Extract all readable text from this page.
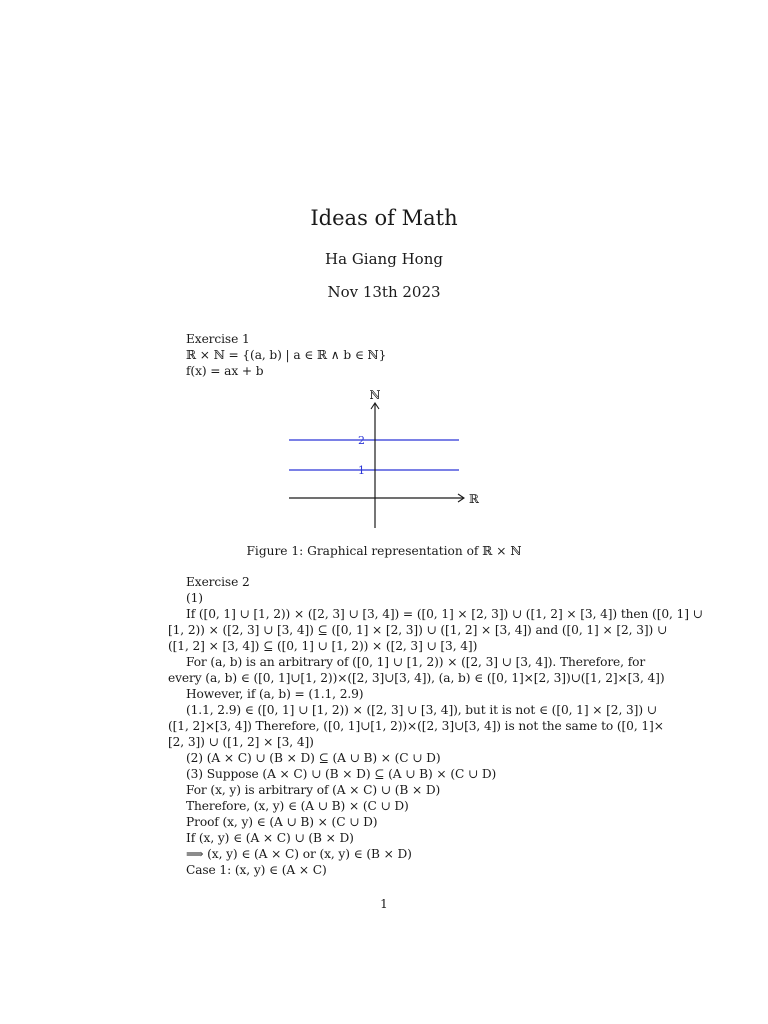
Ideas of Math
Ha Giang Hong
Nov 13th 2023
Exercise 1
ℝ × ℕ = {(a, b) | a ∈ ℝ ∧ b ∈ ℕ}
f(x) = ax + b
ℕ
ℝ
2
1
Figure 1: Graphical representation of ℝ × ℕ
Exercise 2
(1)
If ([0, 1] ∪ [1, 2)) × ([2, 3] ∪ [3, 4]) = ([0, 1] × [2, 3]) ∪ ([1, 2] × [3, 4]) then ([0, 1] ∪
[1, 2)) × ([2, 3] ∪ [3, 4]) ⊆ ([0, 1] × [2, 3]) ∪ ([1, 2] × [3, 4]) and ([0, 1] × [2, 3]) ∪
([1, 2] × [3, 4]) ⊆ ([0, 1] ∪ [1, 2)) × ([2, 3] ∪ [3, 4])
For (a, b) is an arbitrary of ([0, 1] ∪ [1, 2)) × ([2, 3] ∪ [3, 4]). Therefore, for
every (a, b) ∈ ([0, 1]∪[1, 2))×([2, 3]∪[3, 4]), (a, b) ∈ ([0, 1]×[2, 3])∪([1, 2]×[3, 4])
However, if (a, b) = (1.1, 2.9)
(1.1, 2.9) ∈ ([0, 1] ∪ [1, 2)) × ([2, 3] ∪ [3, 4]), but it is not ∈ ([0, 1] × [2, 3]) ∪
([1, 2]×[3, 4]) Therefore, ([0, 1]∪[1, 2))×([2, 3]∪[3, 4]) is not the same to ([0, 1]×
[2, 3]) ∪ ([1, 2] × [3, 4])
(2) (A × C) ∪ (B × D) ⊆ (A ∪ B) × (C ∪ D)
(3) Suppose (A × C) ∪ (B × D) ⊆ (A ∪ B) × (C ∪ D)
For (x, y) is arbitrary of (A × C) ∪ (B × D)
Therefore, (x, y) ∈ (A ∪ B) × (C ∪ D)
Proof (x, y) ∈ (A ∪ B) × (C ∪ D)
If (x, y) ∈ (A × C) ∪ (B × D)
⟹ (x, y) ∈ (A × C) or (x, y) ∈ (B × D)
Case 1: (x, y) ∈ (A × C)
1
